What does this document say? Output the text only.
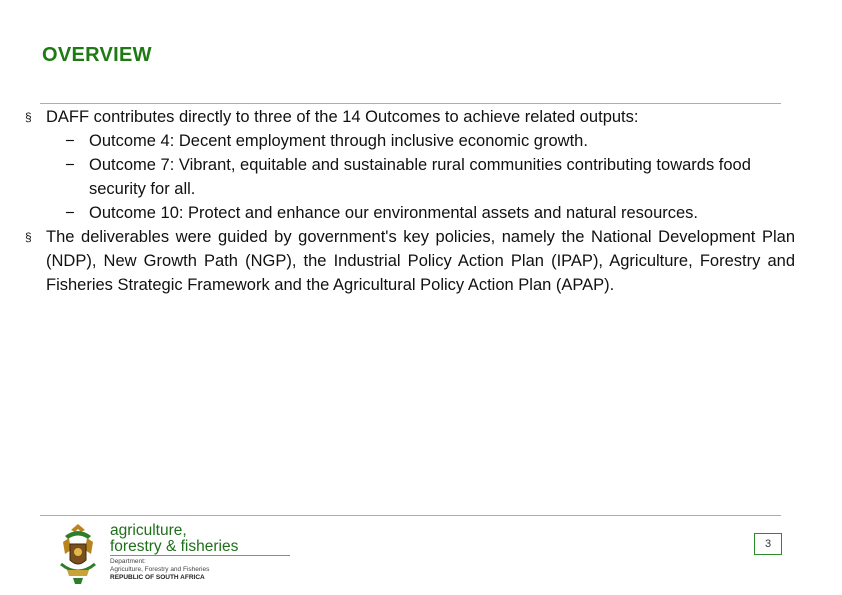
OVERVIEW
§ DAFF contributes directly to three of the 14 Outcomes to achieve related outputs:
− Outcome 4: Decent employment through inclusive economic growth.
− Outcome 7: Vibrant, equitable and sustainable rural communities contributing towards food security for all.
− Outcome 10: Protect and enhance our environmental assets and natural resources.
§ The deliverables were guided by government's key policies, namely the National Development Plan (NDP), New Growth Path (NGP), the Industrial Policy Action Plan (IPAP), Agriculture, Forestry and Fisheries Strategic Framework and the Agricultural Policy Action Plan (APAP).
agriculture,
forestry & fisheries
Department:
Agriculture, Forestry and Fisheries
REPUBLIC OF SOUTH AFRICA
3
